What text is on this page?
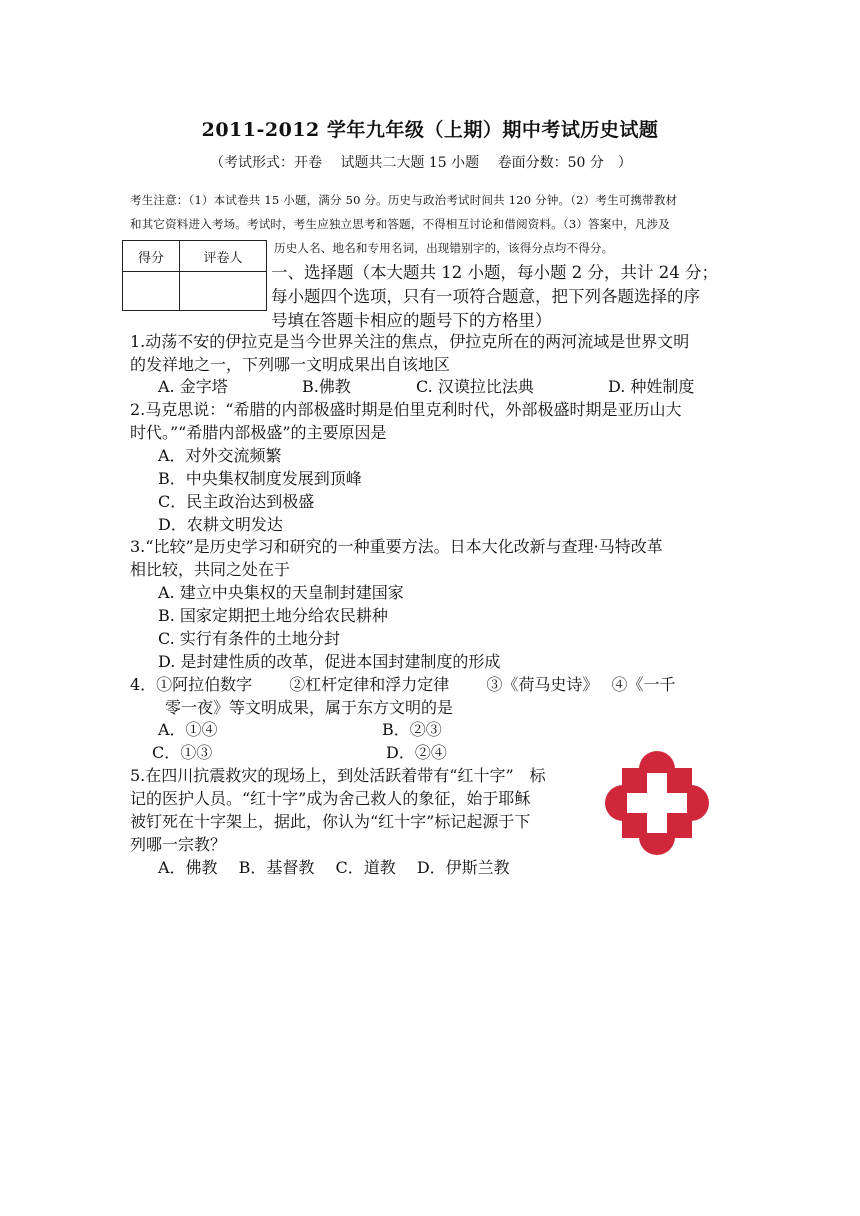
2011-2012 学年九年级（上期）期中考试历史试题
（考试形式：开卷　 试题共二大题 15 小题　 卷面分数：50 分　）
考生注意：（1）本试卷共 15 小题，满分 50 分。历史与政治考试时间共 120 分钟。（2）考生可携带教材
和其它资料进入考场。考试时，考生应独立思考和答题，不得相互讨论和借阅资料。（3）答案中，凡涉及
历史人名、地名和专用名词，出现错别字的，该得分点均不得分。
得分	评卷人

一、选择题（本大题共 12 小题，每小题 2 分，共计 24 分；
每小题四个选项，只有一项符合题意，把下列各题选择的序
号填在答题卡相应的题号下的方格里）
1.动荡不安的伊拉克是当今世界关注的焦点，伊拉克所在的两河流域是世界文明
的发祥地之一，下列哪一文明成果出自该地区
A. 金字塔	B.佛教	C. 汉谟拉比法典	D. 种姓制度
2.马克思说：“希腊的内部极盛时期是伯里克利时代，外部极盛时期是亚历山大
时代。”“希腊内部极盛”的主要原因是
A．对外交流频繁
B．中央集权制度发展到顶峰
C．民主政治达到极盛
D．农耕文明发达
3.“比较”是历史学习和研究的一种重要方法。日本大化改新与查理·马特改革
相比较，共同之处在于
A. 建立中央集权的天皇制封建国家
B. 国家定期把土地分给农民耕种
C. 实行有条件的土地分封
D. 是封建性质的改革，促进本国封建制度的形成
4．①阿拉伯数字　　 ②杠杆定律和浮力定律　　 ③《荷马史诗》　 ④《一千
零一夜》等文明成果，属于东方文明的是
A．①④	B．②③
C．①③	D．②④
5.在四川抗震救灾的现场上，到处活跃着带有“红十字”　标
记的医护人员。“红十字”成为舍己救人的象征，始于耶稣
被钉死在十字架上，据此，你认为“红十字”标记起源于下
列哪一宗教？
A．佛教　 B．基督教　 C．道教　 D．伊斯兰教
